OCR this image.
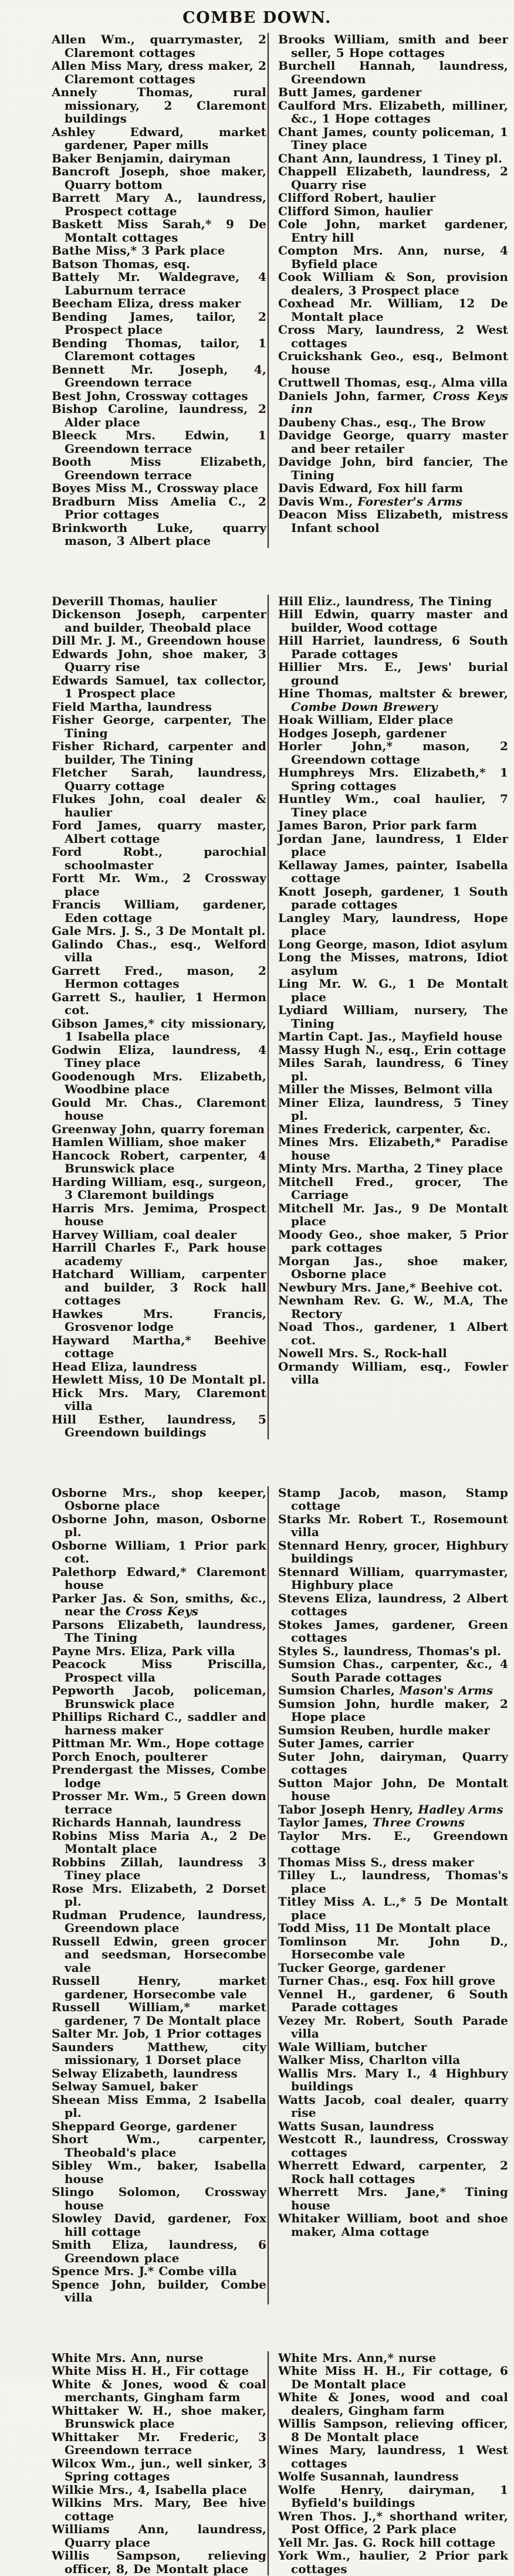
COMBE DOWN.

Allen Wm., quarrymaster, 2 Claremont cottages

Allen Miss Mary, dress maker, 2 Claremont cottages

Annely Thomas, rural missionary, 2 Claremont buildings

Ashley Edward, market gardener, Paper mills

Baker Benjamin, dairyman

Bancroft Joseph, shoe maker, Quarry bottom

Barrett Mary A., laundress, Prospect cottage

Baskett Miss Sarah,* 9 De Montalt cottages

Bathe Miss,* 3 Park place

Batson Thomas, esq.

Battely Mr. Waldegrave, 4 Laburnum terrace

Beecham Eliza, dress maker

Bending James, tailor, 2 Prospect place

Bending Thomas, tailor, 1 Claremont cottages

Bennett Mr. Joseph, 4, Greendown terrace

Best John, Crossway cottages

Bishop Caroline, laundress, 2 Alder place

Bleeck Mrs. Edwin, 1 Greendown terrace

Booth Miss Elizabeth, Greendown terrace

Boyes Miss M., Crossway place

Bradburn Miss Amelia C., 2 Prior cottages

Brinkworth Luke, quarry mason, 3 Albert place

Brooks William, smith and beer seller, 5 Hope cottages

Burchell Hannah, laundress, Greendown

Butt James, gardener

Caulford Mrs. Elizabeth, milliner, &c., 1 Hope cottages

Chant James, county policeman, 1 Tiney place

Chant Ann, laundress, 1 Tiney pl.

Chappell Elizabeth, laundress, 2 Quarry rise

Clifford Robert, haulier

Clifford Simon, haulier

Cole John, market gardener, Entry hill

Compton Mrs. Ann, nurse, 4 Byfield place

Cook William & Son, provision dealers, 3 Prospect place

Coxhead Mr. William, 12 De Montalt place

Cross Mary, laundress, 2 West cottages

Cruickshank Geo., esq., Belmont house

Cruttwell Thomas, esq., Alma villa

Daniels John, farmer, Cross Keys inn

Daubeny Chas., esq., The Brow

Davidge George, quarry master and beer retailer

Davidge John, bird fancier, The Tining

Davis Edward, Fox hill farm

Davis Wm., Forester's Arms

Deacon Miss Elizabeth, mistress Infant school

Deverill Thomas, haulier

Dickenson Joseph, carpenter and builder, Theobald place

Dill Mr. J. M., Greendown house

Edwards John, shoe maker, 3 Quarry rise

Edwards Samuel, tax collector, 1 Prospect place

Field Martha, laundress

Fisher George, carpenter, The Tining

Fisher Richard, carpenter and builder, The Tining

Fletcher Sarah, laundress, Quarry cottage

Flukes John, coal dealer & haulier

Ford James, quarry master, Albert cottage

Ford Robt., parochial schoolmaster

Fortt Mr. Wm., 2 Crossway place

Francis William, gardener, Eden cottage

Gale Mrs. J. S., 3 De Montalt pl.

Galindo Chas., esq., Welford villa

Garrett Fred., mason, 2 Hermon cottages

Garrett S., haulier, 1 Hermon cot.

Gibson James,* city missionary, 1 Isabella place

Godwin Eliza, laundress, 4 Tiney place

Goodenough Mrs. Elizabeth, Woodbine place

Gould Mr. Chas., Claremont house

Greenway John, quarry foreman

Hamlen William, shoe maker

Hancock Robert, carpenter, 4 Brunswick place

Harding William, esq., surgeon, 3 Claremont buildings

Harris Mrs. Jemima, Prospect house

Harvey William, coal dealer

Harrill Charles F., Park house academy

Hatchard William, carpenter and builder, 3 Rock hall cottages

Hawkes Mrs. Francis, Grosvenor lodge

Hayward Martha,* Beehive cottage

Head Eliza, laundress

Hewlett Miss, 10 De Montalt pl.

Hick Mrs. Mary, Claremont villa

Hill Esther, laundress, 5 Greendown buildings

Hill Eliz., laundress, The Tining

Hill Edwin, quarry master and builder, Wood cottage

Hill Harriet, laundress, 6 South Parade cottages

Hillier Mrs. E., Jews' burial ground

Hine Thomas, maltster & brewer, Combe Down Brewery

Hoak William, Elder place

Hodges Joseph, gardener

Horler John,* mason, 2 Greendown cottage

Humphreys Mrs. Elizabeth,* 1 Spring cottages

Huntley Wm., coal haulier, 7 Tiney place

James Baron, Prior park farm

Jordan Jane, laundress, 1 Elder place

Kellaway James, painter, Isabella cottage

Knott Joseph, gardener, 1 South parade cottages

Langley Mary, laundress, Hope place

Long George, mason, Idiot asylum

Long the Misses, matrons, Idiot asylum

Ling Mr. W. G., 1 De Montalt place

Lydiard William, nursery, The Tining

Martin Capt. Jas., Mayfield house

Massy Hugh N., esq., Erin cottage

Miles Sarah, laundress, 6 Tiney pl.

Miller the Misses, Belmont villa

Miner Eliza, laundress, 5 Tiney pl.

Mines Frederick, carpenter, &c.

Mines Mrs. Elizabeth,* Paradise house

Minty Mrs. Martha, 2 Tiney place

Mitchell Fred., grocer, The Carriage

Mitchell Mr. Jas., 9 De Montalt place

Moody Geo., shoe maker, 5 Prior park cottages

Morgan Jas., shoe maker, Osborne place

Newbury Mrs. Jane,* Beehive cot.

Newnham Rev. G. W., M.A, The Rectory

Noad Thos., gardener, 1 Albert cot.

Nowell Mrs. S., Rock-hall

Ormandy William, esq., Fowler villa

Osborne Mrs., shop keeper, Osborne place

Osborne John, mason, Osborne pl.

Osborne William, 1 Prior park cot.

Palethorp Edward,* Claremont house

Parker Jas. & Son, smiths, &c., near the Cross Keys

Parsons Elizabeth, laundress, The Tining

Payne Mrs. Eliza, Park villa

Peacock Miss Priscilla, Prospect villa

Pepworth Jacob, policeman, Brunswick place

Phillips Richard C., saddler and harness maker

Pittman Mr. Wm., Hope cottage

Porch Enoch, poulterer

Prendergast the Misses, Combe lodge

Prosser Mr. Wm., 5 Green down terrace

Richards Hannah, laundress

Robins Miss Maria A., 2 De Montalt place

Robbins Zillah, laundress 3 Tiney place

Rose Mrs. Elizabeth, 2 Dorset pl.

Rudman Prudence, laundress, Greendown place

Russell Edwin, green grocer and seedsman, Horsecombe vale

Russell Henry, market gardener, Horsecombe vale

Russell William,* market gardener, 7 De Montalt place

Salter Mr. Job, 1 Prior cottages

Saunders Matthew, city missionary, 1 Dorset place

Selway Elizabeth, laundress

Selway Samuel, baker

Sheean Miss Emma, 2 Isabella pl.

Sheppard George, gardener

Short Wm., carpenter, Theobald's place

Sibley Wm., baker, Isabella house

Slingo Solomon, Crossway house

Slowley David, gardener, Fox hill cottage

Smith Eliza, laundress, 6 Greendown place

Spence Mrs. J.* Combe villa

Spence John, builder, Combe villa

Stamp Jacob, mason, Stamp cottage

Starks Mr. Robert T., Rosemount villa

Stennard Henry, grocer, Highbury buildings

Stennard William, quarrymaster, Highbury place

Stevens Eliza, laundress, 2 Albert cottages

Stokes James, gardener, Green cottages

Styles S., laundress, Thomas's pl.

Sumsion Chas., carpenter, &c., 4 South Parade cottages

Sumsion Charles, Mason's Arms

Sumsion John, hurdle maker, 2 Hope place

Sumsion Reuben, hurdle maker

Suter James, carrier

Suter John, dairyman, Quarry cottages

Sutton Major John, De Montalt house

Tabor Joseph Henry, Hadley Arms

Taylor James, Three Crowns

Taylor Mrs. E., Greendown cottage

Thomas Miss S., dress maker

Tilley L., laundress, Thomas's place

Titley Miss A. L.,* 5 De Montalt place

Todd Miss, 11 De Montalt place

Tomlinson Mr. John D., Horsecombe vale

Tucker George, gardener

Turner Chas., esq. Fox hill grove

Vennel H., gardener, 6 South Parade cottages

Vezey Mr. Robert, South Parade villa

Wale William, butcher

Walker Miss, Charlton villa

Wallis Mrs. Mary I., 4 Highbury buildings

Watts Jacob, coal dealer, quarry rise

Watts Susan, laundress

Westcott R., laundress, Crossway cottages

Wherrett Edward, carpenter, 2 Rock hall cottages

Wherrett Mrs. Jane,* Tining house

Whitaker William, boot and shoe maker, Alma cottage

White Mrs. Ann, nurse

White Miss H. H., Fir cottage

White & Jones, wood & coal merchants, Gingham farm

Whittaker W. H., shoe maker, Brunswick place

Whittaker Mr. Frederic, 3 Greendown terrace

Wilcox Wm., jun., well sinker, 3 Spring cottages

Wilkie Mrs., 4, Isabella place

Wilkins Mrs. Mary, Bee hive cottage

Williams Ann, laundress, Quarry place

Willis Sampson, relieving officer, 8, De Montalt place

White Mrs. Ann,* nurse

White Miss H. H., Fir cottage, 6 De Montalt place

White & Jones, wood and coal dealers, Gingham farm

Willis Sampson, relieving officer, 8 De Montalt place

Wines Mary, laundress, 1 West cottages

Wolfe Susannah, laundress

Wolfe Henry, dairyman, 1 Byfield's buildings

Wren Thos. J.,* shorthand writer, Post Office, 2 Park place

Yell Mr. Jas. G. Rock hill cottage

York Wm., haulier, 2 Prior park cottages
